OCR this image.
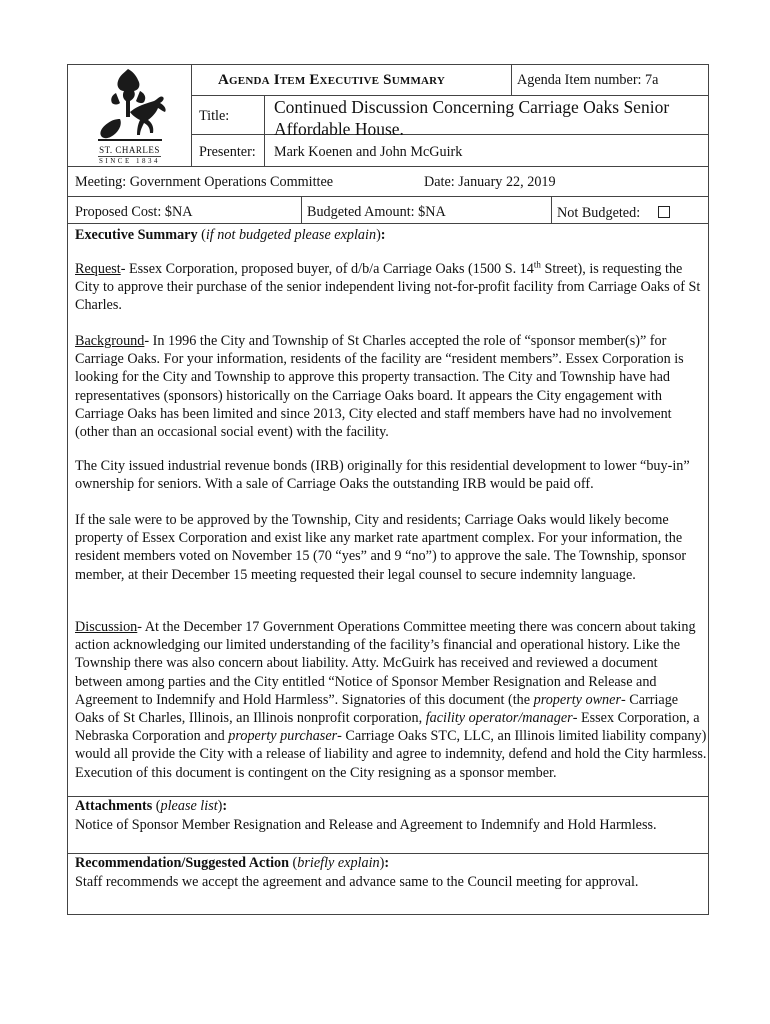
ST. CHARLES
SINCE 1834
Agenda Item Executive Summary	Agenda Item number: 7a
Title:	Continued Discussion Concerning Carriage Oaks Senior
Affordable House.
Presenter: Mark Koenen and John McGuirk
Meeting: Government Operations Committee	Date: January 22, 2019
Proposed Cost: $NA	Budgeted Amount: $NA	Not Budgeted:
Executive Summary (if not budgeted please explain):

Request- Essex Corporation, proposed buyer, of d/b/a Carriage Oaks (1500 S. 14th Street), is requesting the City to approve their purchase of the senior independent living not-for-profit facility from Carriage Oaks of St Charles.

Background- In 1996 the City and Township of St Charles accepted the role of “sponsor member(s)” for Carriage Oaks. For your information, residents of the facility are “resident members”. Essex Corporation is looking for the City and Township to approve this property transaction. The City and Township have had representatives (sponsors) historically on the Carriage Oaks board. It appears the City engagement with Carriage Oaks has been limited and since 2013, City elected and staff members have had no involvement (other than an occasional social event) with the facility.

The City issued industrial revenue bonds (IRB) originally for this residential development to lower “buy-in” ownership for seniors. With a sale of Carriage Oaks the outstanding IRB would be paid off.

If the sale were to be approved by the Township, City and residents; Carriage Oaks would likely become property of Essex Corporation and exist like any market rate apartment complex. For your information, the resident members voted on November 15 (70 “yes” and 9 “no”) to approve the sale. The Township, sponsor member, at their December 15 meeting requested their legal counsel to secure indemnity language.

Discussion- At the December 17 Government Operations Committee meeting there was concern about taking action acknowledging our limited understanding of the facility’s financial and operational history. Like the Township there was also concern about liability. Atty. McGuirk has received and reviewed a document between among parties and the City entitled “Notice of Sponsor Member Resignation and Release and Agreement to Indemnify and Hold Harmless”. Signatories of this document (the property owner- Carriage Oaks of St Charles, Illinois, an Illinois nonprofit corporation, facility operator/manager- Essex Corporation, a Nebraska Corporation and property purchaser- Carriage Oaks STC, LLC, an Illinois limited liability company) would all provide the City with a release of liability and agree to indemnity, defend and hold the City harmless. Execution of this document is contingent on the City resigning as a sponsor member.

Attachments (please list):
Notice of Sponsor Member Resignation and Release and Agreement to Indemnify and Hold Harmless.
Recommendation/Suggested Action (briefly explain):
Staff recommends we accept the agreement and advance same to the Council meeting for approval.
